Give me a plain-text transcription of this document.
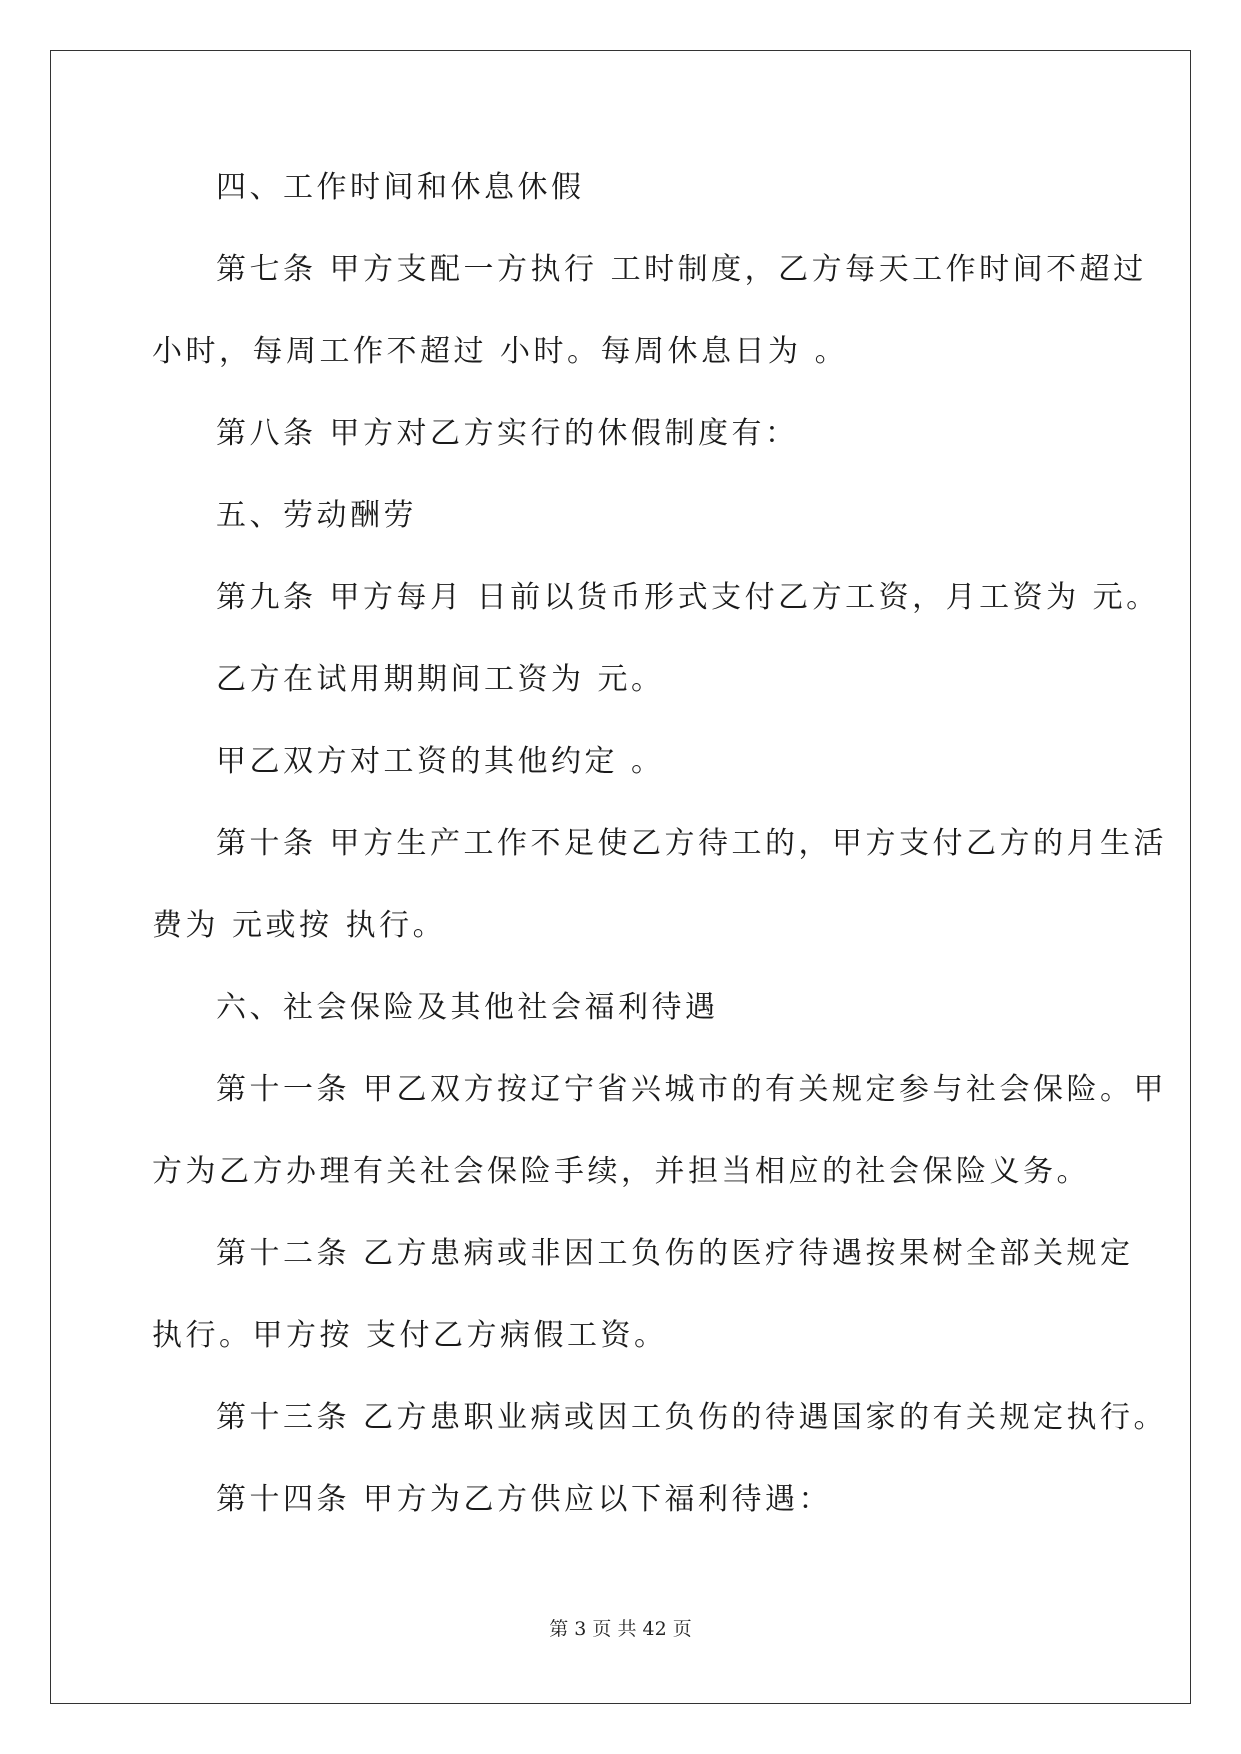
四、工作时间和休息休假
第七条 甲方支配一方执行 工时制度，乙方每天工作时间不超过
小时，每周工作不超过 小时。每周休息日为 。
第八条 甲方对乙方实行的休假制度有：
五、劳动酬劳
第九条 甲方每月 日前以货币形式支付乙方工资，月工资为 元。
乙方在试用期期间工资为 元。
甲乙双方对工资的其他约定 。
第十条 甲方生产工作不足使乙方待工的，甲方支付乙方的月生活
费为 元或按 执行。
六、社会保险及其他社会福利待遇
第十一条 甲乙双方按辽宁省兴城市的有关规定参与社会保险。甲
方为乙方办理有关社会保险手续，并担当相应的社会保险义务。
第十二条 乙方患病或非因工负伤的医疗待遇按果树全部关规定
执行。甲方按 支付乙方病假工资。
第十三条 乙方患职业病或因工负伤的待遇国家的有关规定执行。
第十四条 甲方为乙方供应以下福利待遇：
第 3 页 共 42 页
